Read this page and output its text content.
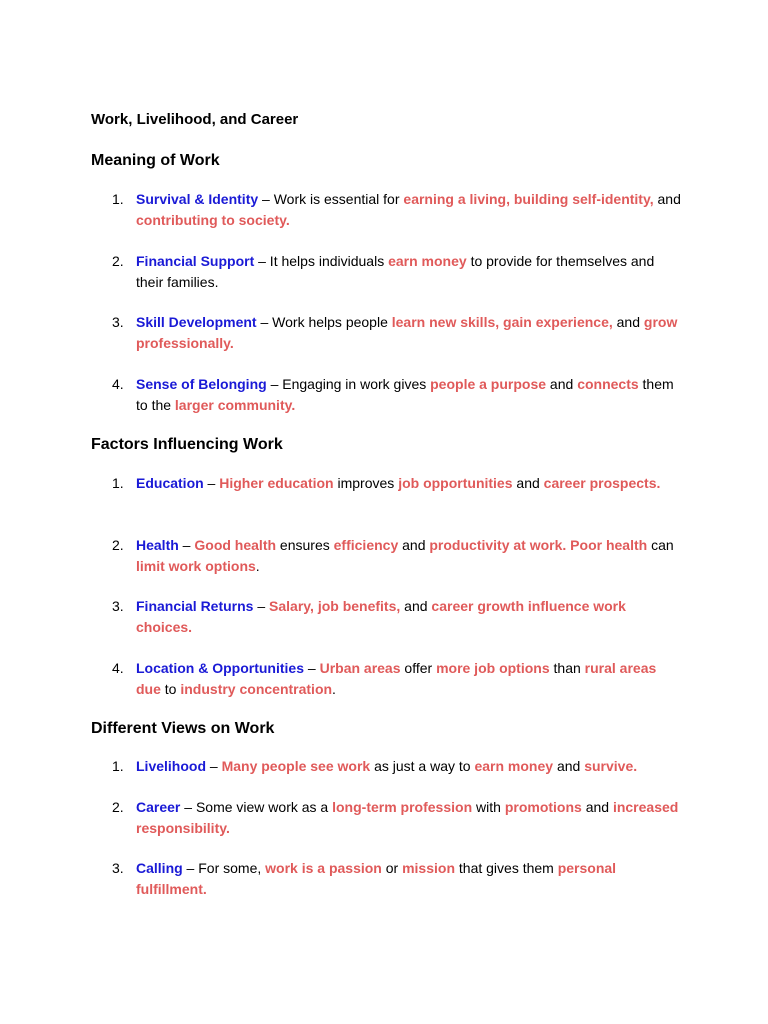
Work, Livelihood, and Career
Meaning of Work
1. Survival & Identity – Work is essential for earning a living, building self-identity, and contributing to society.
2. Financial Support – It helps individuals earn money to provide for themselves and their families.
3. Skill Development – Work helps people learn new skills, gain experience, and grow professionally.
4. Sense of Belonging – Engaging in work gives people a purpose and connects them to the larger community.
Factors Influencing Work
1. Education – Higher education improves job opportunities and career prospects.
2. Health – Good health ensures efficiency and productivity at work. Poor health can limit work options.
3. Financial Returns – Salary, job benefits, and career growth influence work choices.
4. Location & Opportunities – Urban areas offer more job options than rural areas due to industry concentration.
Different Views on Work
1. Livelihood – Many people see work as just a way to earn money and survive.
2. Career – Some view work as a long-term profession with promotions and increased responsibility.
3. Calling – For some, work is a passion or mission that gives them personal fulfillment.
